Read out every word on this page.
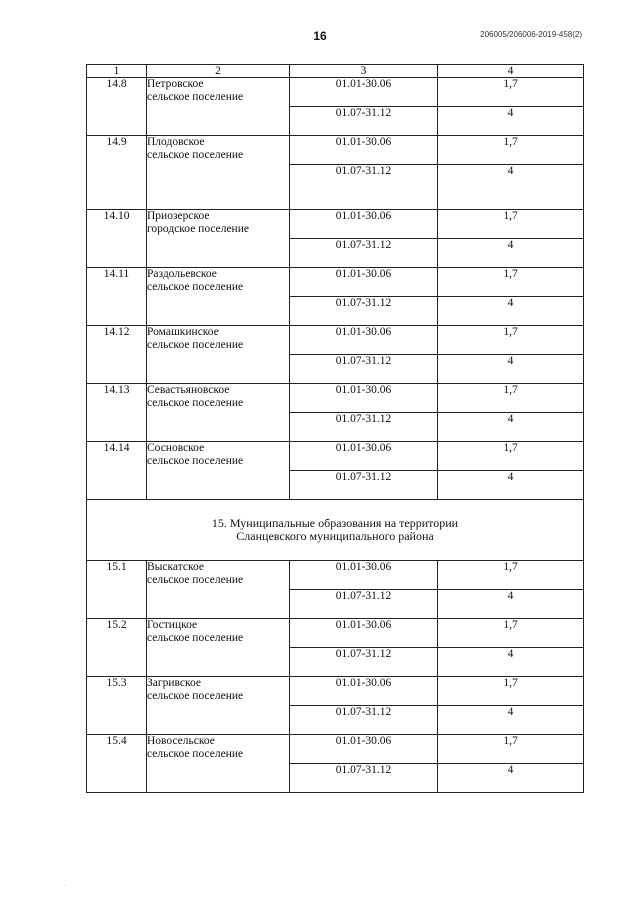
16	206005/206006-2019-458(2)
.
1	2	3	4
14.8	Петровское
сельское поселение	01.01-30.06	1,7
		01.07-31.12	4
14.9	Плодовское
сельское поселение	01.01-30.06	1,7
		01.07-31.12	4
14.10	Приозерское
городское поселение	01.01-30.06	1,7
		01.07-31.12	4
14.11	Раздольевское
сельское поселение	01.01-30.06	1,7
		01.07-31.12	4
14.12	Ромашкинское
сельское поселение	01.01-30.06	1,7
		01.07-31.12	4
14.13	Севастьяновское
сельское поселение	01.01-30.06	1,7
		01.07-31.12	4
14.14	Сосновское
сельское поселение	01.01-30.06	1,7
		01.07-31.12	4

15. Муниципальные образования на территории
Сланцевского муниципального района			

15.1	Выскатское
сельское поселение	01.01-30.06	1,7
		01.07-31.12	4
15.2	Гостицкое
сельское поселение	01.01-30.06	1,7
		01.07-31.12	4
15.3	Загривское
сельское поселение	01.01-30.06	1,7
		01.07-31.12	4
15.4	Новосельское
сельское поселение	01.01-30.06	1,7
		01.07-31.12	4
